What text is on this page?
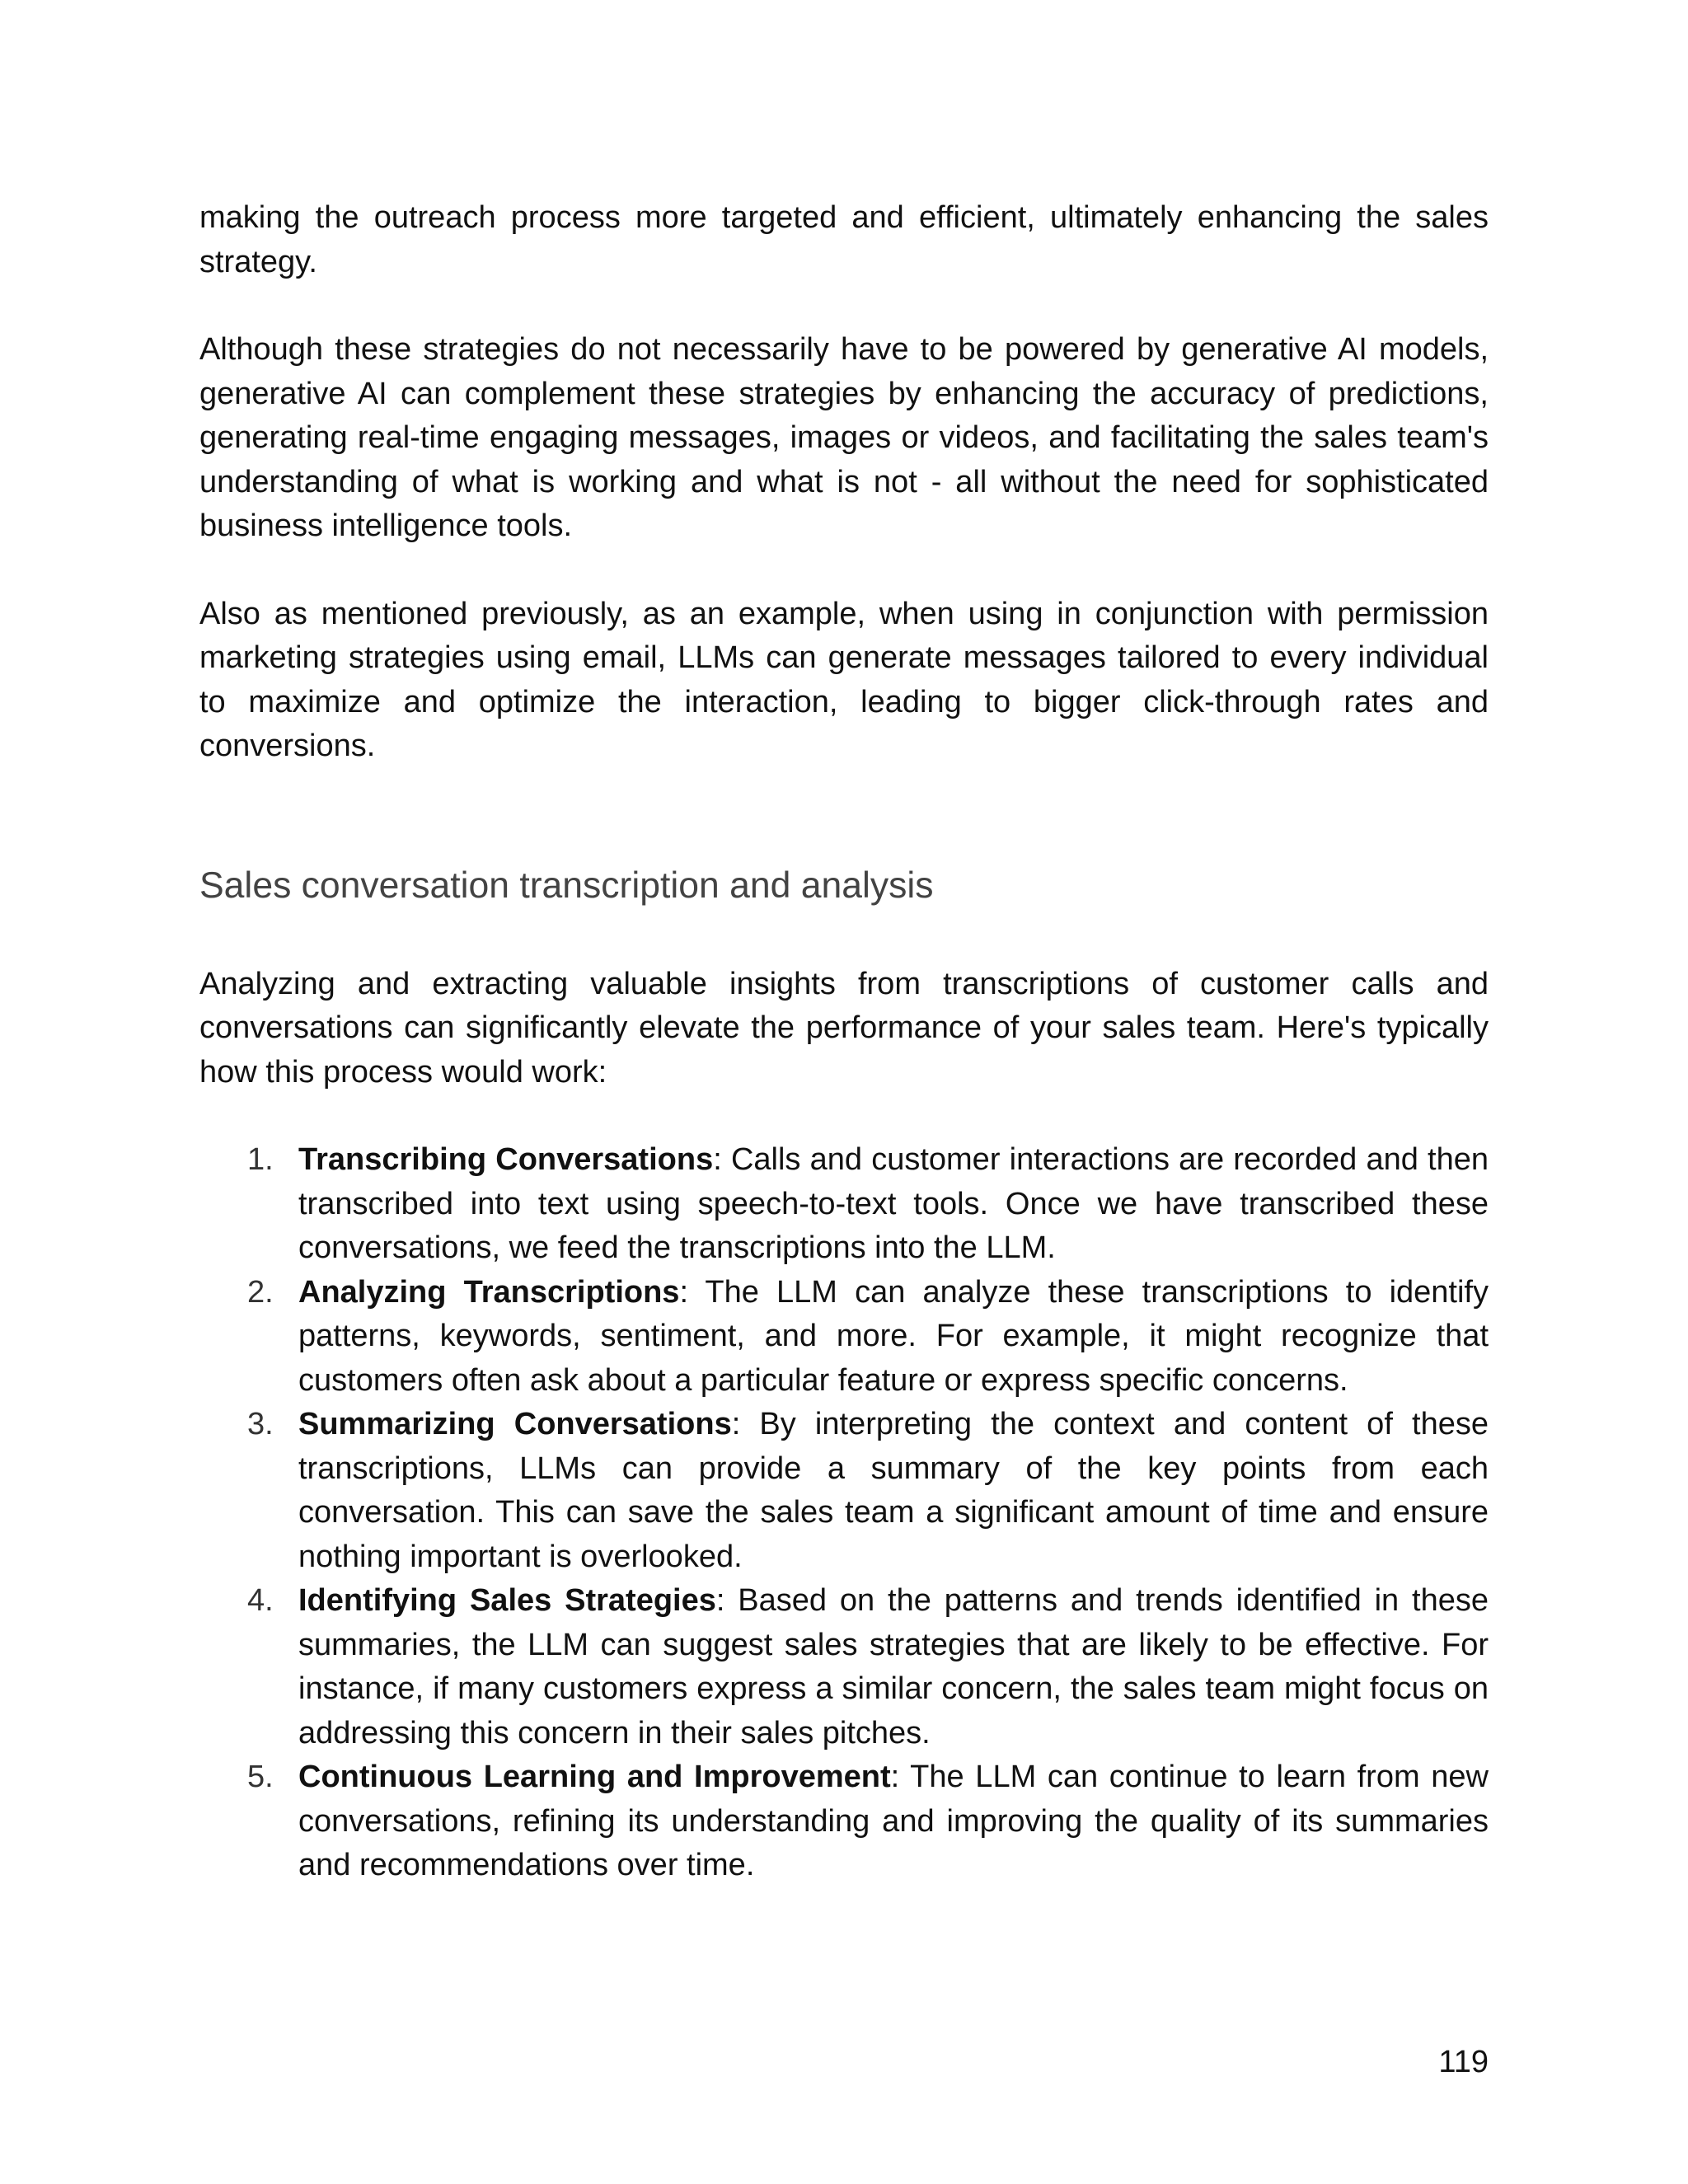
making the outreach process more targeted and efficient, ultimately enhancing the sales strategy.

Although these strategies do not necessarily have to be powered by generative AI models, generative AI can complement these strategies by enhancing the accuracy of predictions, generating real-time engaging messages, images or videos, and facilitating the sales team's understanding of what is working and what is not - all without the need for sophisticated business intelligence tools.

Also as mentioned previously, as an example, when using in conjunction with permission marketing strategies using email, LLMs can generate messages tailored to every individual to maximize and optimize the interaction, leading to bigger click-through rates and conversions.

Sales conversation transcription and analysis

Analyzing and extracting valuable insights from transcriptions of customer calls and conversations can significantly elevate the performance of your sales team. Here's typically how this process would work:

1. Transcribing Conversations: Calls and customer interactions are recorded and then transcribed into text using speech-to-text tools. Once we have transcribed these conversations, we feed the transcriptions into the LLM.
2. Analyzing Transcriptions: The LLM can analyze these transcriptions to identify patterns, keywords, sentiment, and more. For example, it might recognize that customers often ask about a particular feature or express specific concerns.
3. Summarizing Conversations: By interpreting the context and content of these transcriptions, LLMs can provide a summary of the key points from each conversation. This can save the sales team a significant amount of time and ensure nothing important is overlooked.
4. Identifying Sales Strategies: Based on the patterns and trends identified in these summaries, the LLM can suggest sales strategies that are likely to be effective. For instance, if many customers express a similar concern, the sales team might focus on addressing this concern in their sales pitches.
5. Continuous Learning and Improvement: The LLM can continue to learn from new conversations, refining its understanding and improving the quality of its summaries and recommendations over time.
119
